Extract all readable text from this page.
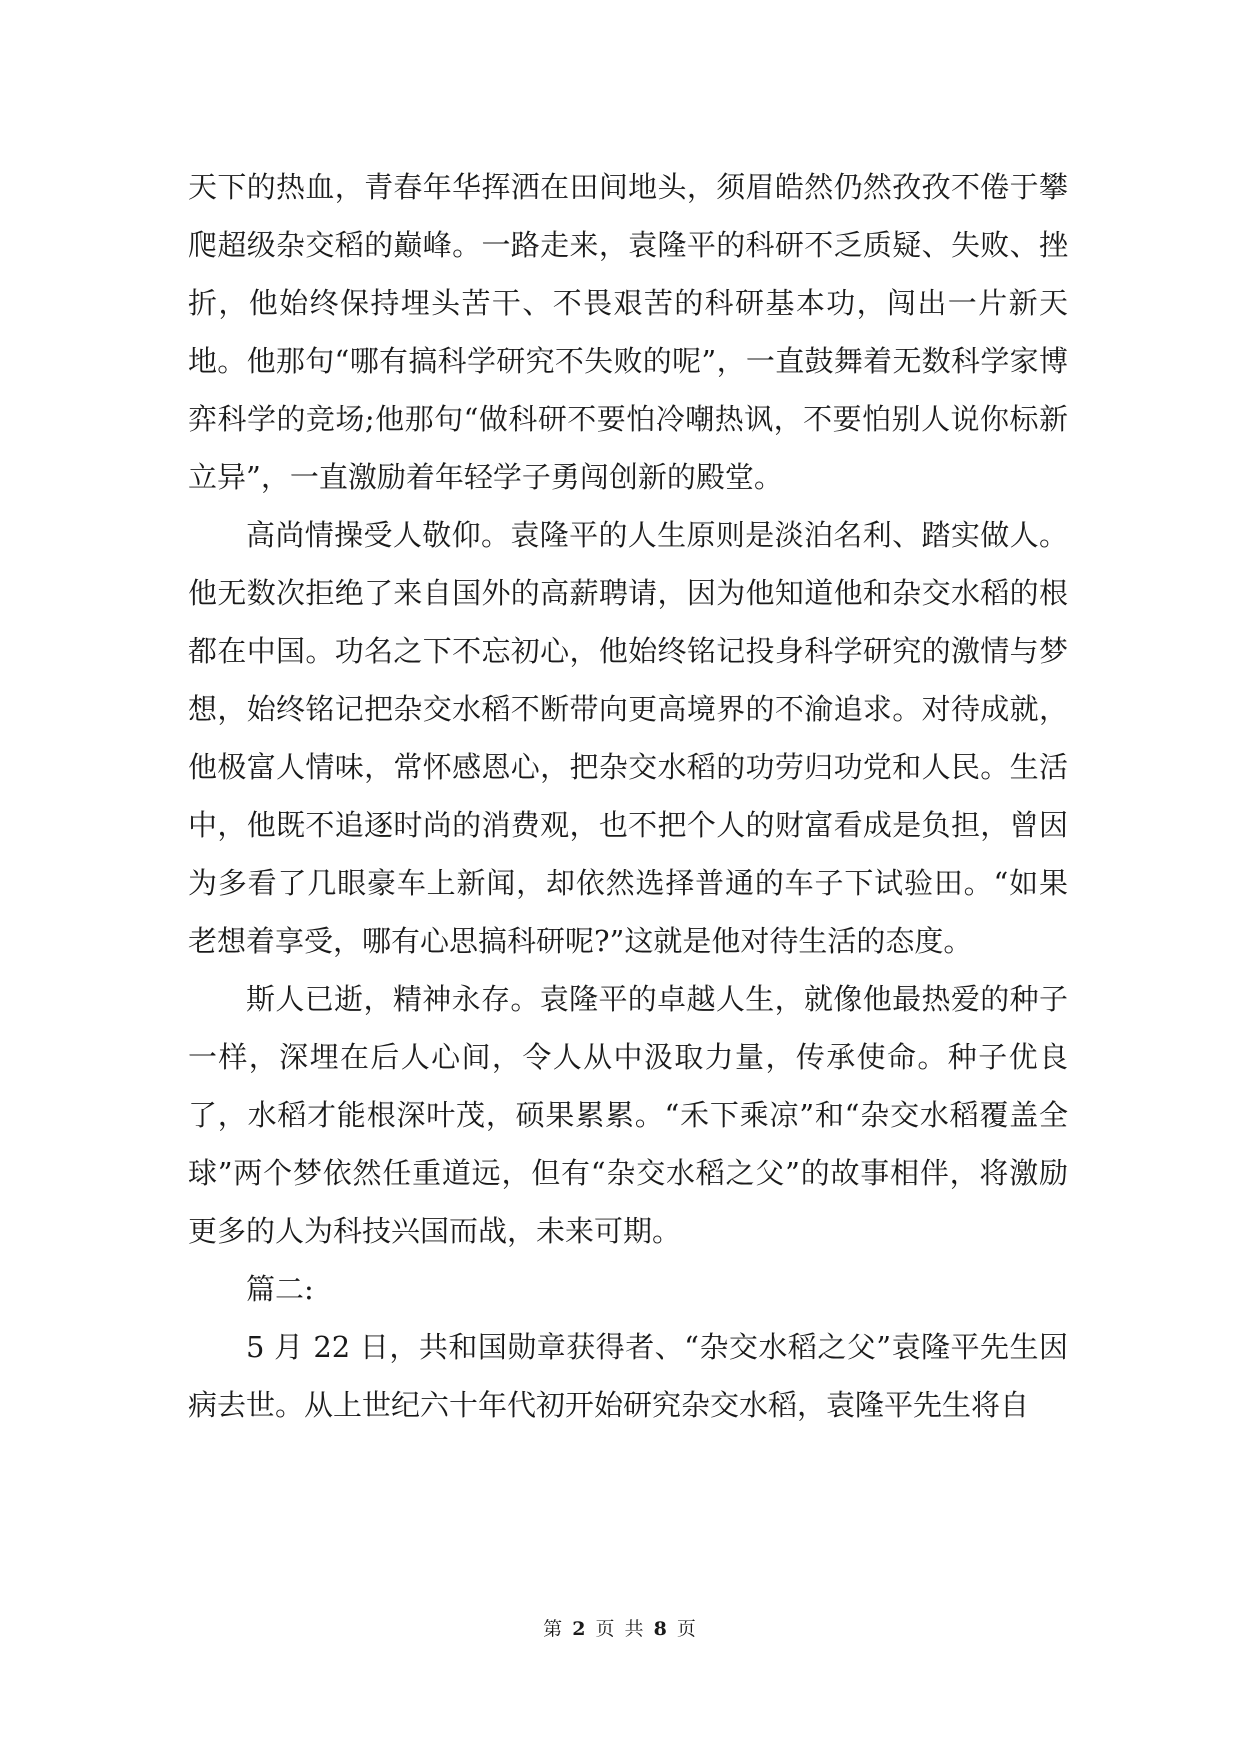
天下的热血，青春年华挥洒在田间地头，须眉皓然仍然孜孜不倦于攀爬超级杂交稻的巅峰。一路走来，袁隆平的科研不乏质疑、失败、挫折，他始终保持埋头苦干、不畏艰苦的科研基本功，闯出一片新天地。他那句“哪有搞科学研究不失败的呢”，一直鼓舞着无数科学家博弈科学的竞场;他那句“做科研不要怕冷嘲热讽，不要怕别人说你标新立异”，一直激励着年轻学子勇闯创新的殿堂。

高尚情操受人敬仰。袁隆平的人生原则是淡泊名利、踏实做人。他无数次拒绝了来自国外的高薪聘请，因为他知道他和杂交水稻的根都在中国。功名之下不忘初心，他始终铭记投身科学研究的激情与梦想，始终铭记把杂交水稻不断带向更高境界的不渝追求。对待成就，他极富人情味，常怀感恩心，把杂交水稻的功劳归功党和人民。生活中，他既不追逐时尚的消费观，也不把个人的财富看成是负担，曾因为多看了几眼豪车上新闻，却依然选择普通的车子下试验田。“如果老想着享受，哪有心思搞科研呢?”这就是他对待生活的态度。

斯人已逝，精神永存。袁隆平的卓越人生，就像他最热爱的种子一样，深埋在后人心间，令人从中汲取力量，传承使命。种子优良了，水稻才能根深叶茂，硕果累累。“禾下乘凉”和“杂交水稻覆盖全球”两个梦依然任重道远，但有“杂交水稻之父”的故事相伴，将激励更多的人为科技兴国而战，未来可期。

篇二:

5 月 22 日，共和国勋章获得者、“杂交水稻之父”袁隆平先生因病去世。从上世纪六十年代初开始研究杂交水稻，袁隆平先生将自

第 2 页 共 8 页
